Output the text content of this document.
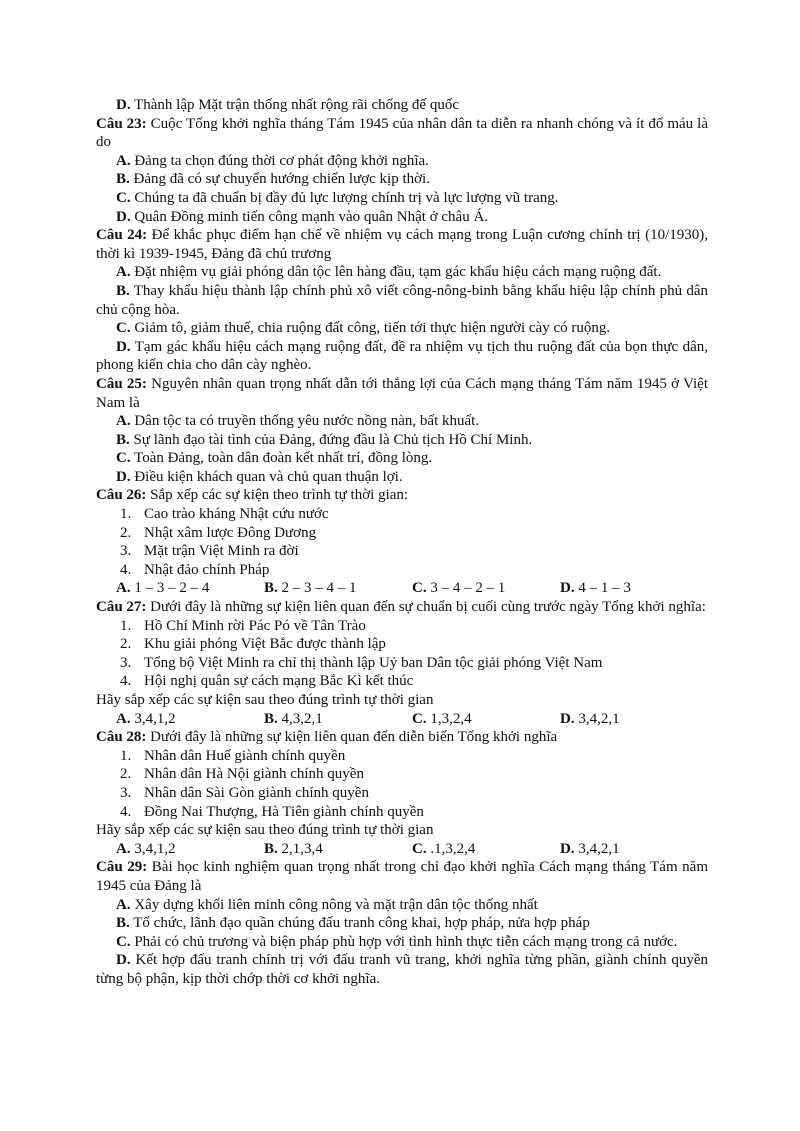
D. Thành lập Mặt trận thống nhất rộng rãi chống đế quốc

Câu 23: Cuộc Tổng khởi nghĩa tháng Tám 1945 của nhân dân ta diễn ra nhanh chóng và ít đổ máu là do

A. Đảng ta chọn đúng thời cơ phát động khởi nghĩa.

B. Đảng đã có sự chuyển hướng chiến lược kịp thời.

C. Chúng ta đã chuẩn bị đầy đủ lực lượng chính trị và lực lượng vũ trang.

D. Quân Đồng minh tiến công mạnh vào quân Nhật ở châu Á.

Câu 24: Để khắc phục điểm hạn chế về nhiệm vụ cách mạng trong Luận cương chính trị (10/1930), thời kì 1939-1945, Đảng đã chủ trương

A. Đặt nhiệm vụ giải phóng dân tộc lên hàng đầu, tạm gác khẩu hiệu cách mạng ruộng đất.

B. Thay khẩu hiệu thành lập chính phủ xô viết công-nông-binh bằng khẩu hiệu lập chính phủ dân chủ cộng hòa.

C. Giảm tô, giảm thuế, chia ruộng đất công, tiến tới thực hiện người cày có ruộng.

D. Tạm gác khẩu hiệu cách mạng ruộng đất, đề ra nhiệm vụ tịch thu ruộng đất của bọn thực dân, phong kiến chia cho dân cày nghèo.

Câu 25: Nguyên nhân quan trọng nhất dẫn tới thắng lợi của Cách mạng tháng Tám năm 1945 ở Việt Nam là

A. Dân tộc ta có truyền thống yêu nước nồng nàn, bất khuất.

B. Sự lãnh đạo tài tình của Đảng, đứng đầu là Chủ tịch Hồ Chí Minh.

C. Toàn Đảng, toàn dân đoàn kết nhất trí, đồng lòng.

D. Điều kiện khách quan và chủ quan thuận lợi.

Câu 26: Sắp xếp các sự kiện theo trình tự thời gian:

1. Cao trào kháng Nhật cứu nước

2. Nhật xâm lược Đông Dương

3. Mặt trận Việt Minh ra đời

4. Nhật đảo chính Pháp

A. 1 – 3 – 2 – 4	B. 2 – 3 – 4 – 1	C. 3 – 4 – 2 – 1	D. 4 – 1 – 3

Câu 27: Dưới đây là những sự kiện liên quan đến sự chuẩn bị cuối cùng trước ngày Tổng khởi nghĩa:

1. Hồ Chí Minh rời Pác Pó về Tân Trào

2. Khu giải phóng Việt Bắc được thành lập

3. Tổng bộ Việt Minh ra chỉ thị thành lập Uỷ ban Dân tộc giải phóng Việt Nam

4. Hội nghị quân sự cách mạng Bắc Kì kết thúc

Hãy sắp xếp các sự kiện sau theo đúng trình tự thời gian

A. 3,4,1,2	B. 4,3,2,1	C. 1,3,2,4	D. 3,4,2,1

Câu 28: Dưới đây là những sự kiện liên quan đến diễn biến Tổng khởi nghĩa

1. Nhân dân Huế giành chính quyền

2. Nhân dân Hà Nội giành chính quyền

3. Nhân dân Sài Gòn giành chính quyền

4. Đồng Nai Thượng, Hà Tiên giành chính quyền

Hãy sắp xếp các sự kiện sau theo đúng trình tự thời gian

A. 3,4,1,2	B. 2,1,3,4	C. .1,3,2,4	D. 3,4,2,1

Câu 29: Bài học kinh nghiệm quan trọng nhất trong chỉ đạo khởi nghĩa Cách mạng tháng Tám năm 1945 của Đảng là

A. Xây dựng khối liên minh công nông và mặt trận dân tộc thống nhất

B. Tổ chức, lãnh đạo quần chúng đấu tranh công khai, hợp pháp, nửa hợp pháp

C. Phải có chủ trương và biện pháp phù hợp với tình hình thực tiễn cách mạng trong cả nước.

D. Kết hợp đấu tranh chính trị với đấu tranh vũ trang, khởi nghĩa từng phần, giành chính quyền từng bộ phận, kịp thời chớp thời cơ khởi nghĩa.
